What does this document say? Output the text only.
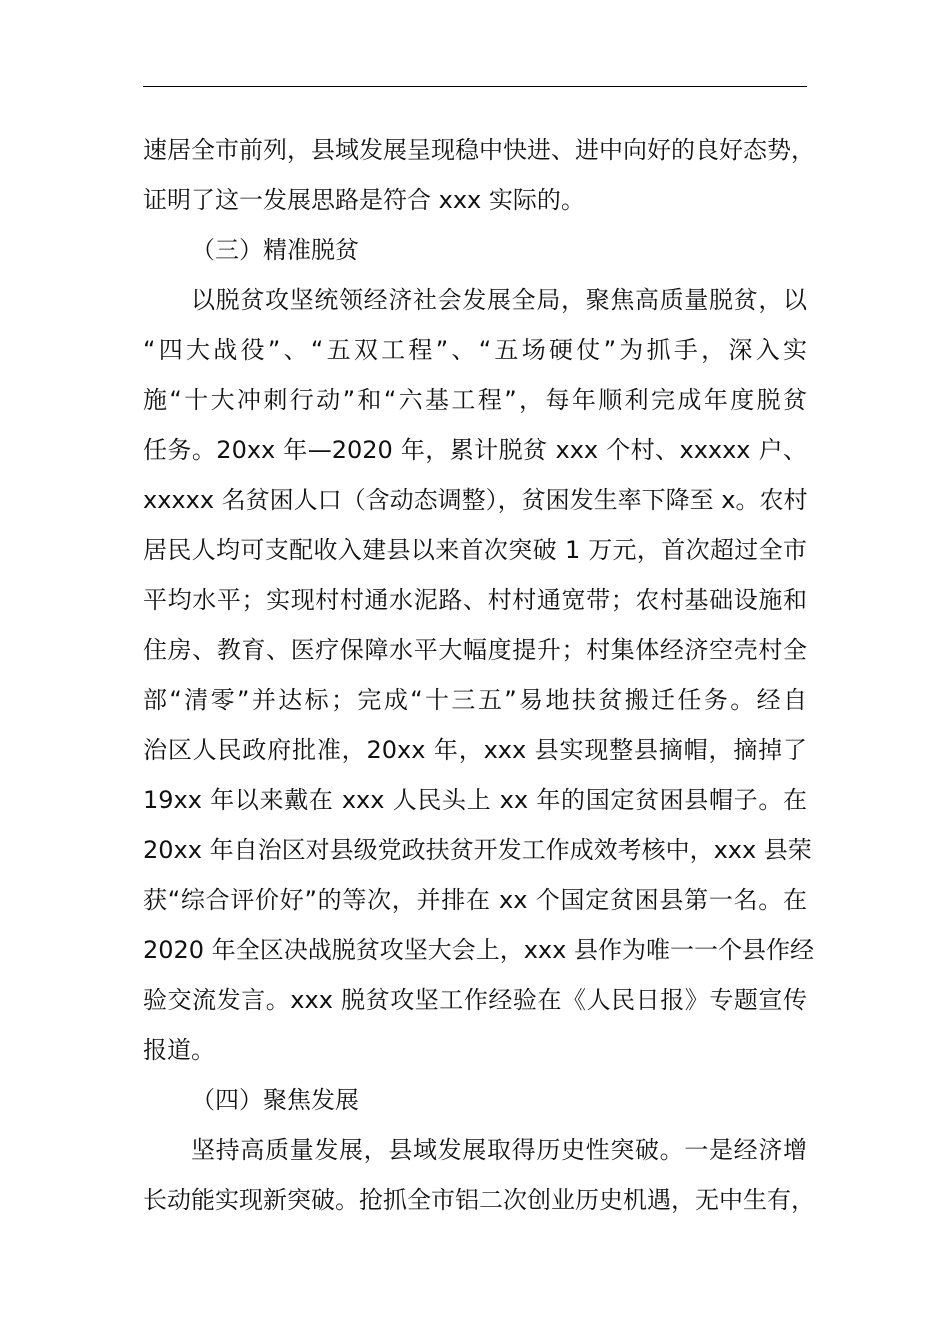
速居全市前列，县域发展呈现稳中快进、进中向好的良好态势，
证明了这一发展思路是符合 xxx 实际的。
（三）精准脱贫
以脱贫攻坚统领经济社会发展全局，聚焦高质量脱贫，以
“四大战役”、“五双工程”、“五场硬仗”为抓手，深入实
施“十大冲刺行动”和“六基工程”，每年顺利完成年度脱贫
任务。20xx 年—2020 年，累计脱贫 xxx 个村、xxxxx 户、
xxxxx 名贫困人口（含动态调整），贫困发生率下降至 x。农村
居民人均可支配收入建县以来首次突破 1 万元，首次超过全市
平均水平；实现村村通水泥路、村村通宽带；农村基础设施和
住房、教育、医疗保障水平大幅度提升；村集体经济空壳村全
部“清零”并达标；完成“十三五”易地扶贫搬迁任务。经自
治区人民政府批准，20xx 年，xxx 县实现整县摘帽，摘掉了
19xx 年以来戴在 xxx 人民头上 xx 年的国定贫困县帽子。在
20xx 年自治区对县级党政扶贫开发工作成效考核中，xxx 县荣
获“综合评价好”的等次，并排在 xx 个国定贫困县第一名。在
2020 年全区决战脱贫攻坚大会上，xxx 县作为唯一一个县作经
验交流发言。xxx 脱贫攻坚工作经验在《人民日报》专题宣传
报道。
（四）聚焦发展
坚持高质量发展，县域发展取得历史性突破。一是经济增
长动能实现新突破。抢抓全市铝二次创业历史机遇，无中生有，
